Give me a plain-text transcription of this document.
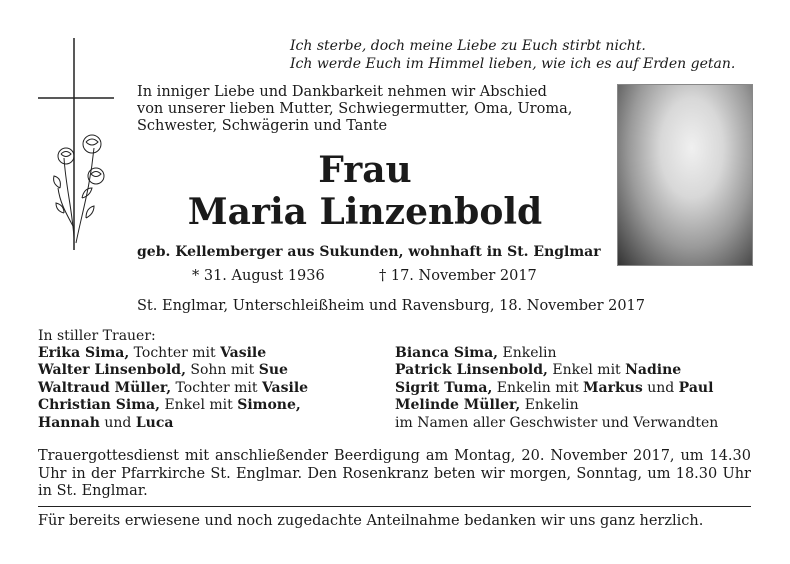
Ich sterbe, doch meine Liebe zu Euch stirbt nicht.
Ich werde Euch im Himmel lieben, wie ich es auf Erden getan.
In inniger Liebe und Dankbarkeit nehmen wir Abschied
von unserer lieben Mutter, Schwiegermutter, Oma, Uroma,
Schwester, Schwägerin und Tante
Frau
Maria Linzenbold
geb. Kellemberger aus Sukunden, wohnhaft in St. Englmar
* 31. August 1936	† 17. November 2017
St. Englmar, Unterschleißheim und Ravensburg, 18. November 2017
In stiller Trauer:
Erika Sima, Tochter mit Vasile
Walter Linsenbold, Sohn mit Sue
Waltraud Müller, Tochter mit Vasile
Christian Sima, Enkel mit Simone,
Hannah und Luca
Bianca Sima, Enkelin
Patrick Linsenbold, Enkel mit Nadine
Sigrit Tuma, Enkelin mit Markus und Paul
Melinde Müller, Enkelin
im Namen aller Geschwister und Verwandten
Trauergottesdienst mit anschließender Beerdigung am Montag, 20. November 2017, um 14.30 Uhr in der Pfarrkirche St. Englmar. Den Rosenkranz beten wir morgen, Sonntag, um 18.30 Uhr in St. Englmar.
Für bereits erwiesene und noch zugedachte Anteilnahme bedanken wir uns ganz herzlich.
